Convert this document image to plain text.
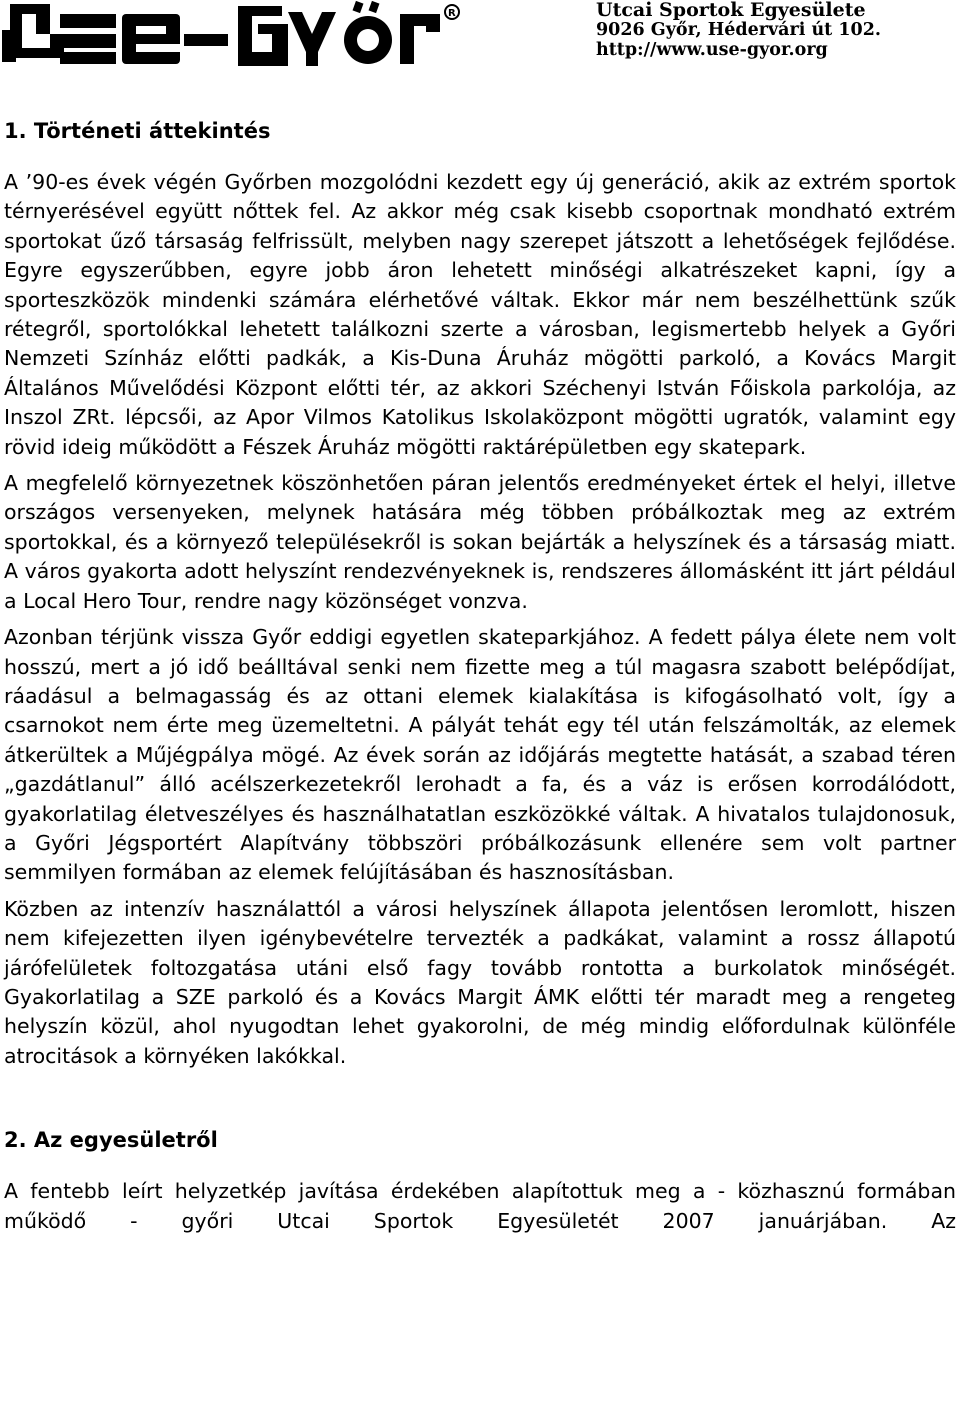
R	Utcai Sportok Egyesülete
9026 Győr, Hédervári út 102.
http://www.use-gyor.org
1. Történeti áttekintés

A ’90-es évek végén Győrben mozgolódni kezdett egy új generáció, akik az extrém sportok térnyerésével együtt nőttek fel. Az akkor még csak kisebb csoportnak mondható extrém sportokat űző társaság felfrissült, melyben nagy szerepet játszott a lehetőségek fejlődése. Egyre egyszerűbben, egyre jobb áron lehetett minőségi alkatrészeket kapni, így a sporteszközök mindenki számára elérhetővé váltak. Ekkor már nem beszélhettünk szűk rétegről, sportolókkal lehetett találkozni szerte a városban, legismertebb helyek a Győri Nemzeti Színház előtti padkák, a Kis-Duna Áruház mögötti parkoló, a Kovács Margit Általános Művelődési Központ előtti tér, az akkori Széchenyi István Főiskola parkolója, az Inszol ZRt. lépcsői, az Apor Vilmos Katolikus Iskolaközpont mögötti ugratók, valamint egy rövid ideig működött a Fészek Áruház mögötti raktárépületben egy skatepark.

A megfelelő környezetnek köszönhetően páran jelentős eredményeket értek el helyi, illetve országos versenyeken, melynek hatására még többen próbálkoztak meg az extrém sportokkal, és a környező településekről is sokan bejárták a helyszínek és a társaság miatt. A város gyakorta adott helyszínt rendezvényeknek is, rendszeres állomásként itt járt például a Local Hero Tour, rendre nagy közönséget vonzva.

Azonban térjünk vissza Győr eddigi egyetlen skateparkjához. A fedett pálya élete nem volt hosszú, mert a jó idő beálltával senki nem fizette meg a túl magasra szabott belépődíjat, ráadásul a belmagasság és az ottani elemek kialakítása is kifogásolható volt, így a csarnokot nem érte meg üzemeltetni. A pályát tehát egy tél után felszámolták, az elemek átkerültek a Műjégpálya mögé. Az évek során az időjárás megtette hatását, a szabad téren „gazdátlanul” álló acélszerkezetekről lerohadt a fa, és a váz is erősen korrodálódott, gyakorlatilag életveszélyes és használhatatlan eszközökké váltak. A hivatalos tulajdonosuk, a Győri Jégsportért Alapítvány többszöri próbálkozásunk ellenére sem volt partner semmilyen formában az elemek felújításában és hasznosításban.

Közben az intenzív használattól a városi helyszínek állapota jelentősen leromlott, hiszen nem kifejezetten ilyen igénybevételre tervezték a padkákat, valamint a rossz állapotú járófelületek foltozgatása utáni első fagy tovább rontotta a burkolatok minőségét. Gyakorlatilag a SZE parkoló és a Kovács Margit ÁMK előtti tér maradt meg a rengeteg helyszín közül, ahol nyugodtan lehet gyakorolni, de még mindig előfordulnak különféle atrocitások a környéken lakókkal.

2. Az egyesületről

A fentebb leírt helyzetkép javítása érdekében alapítottuk meg a - közhasznú formában működő - győri Utcai Sportok Egyesületét 2007 januárjában. Az
